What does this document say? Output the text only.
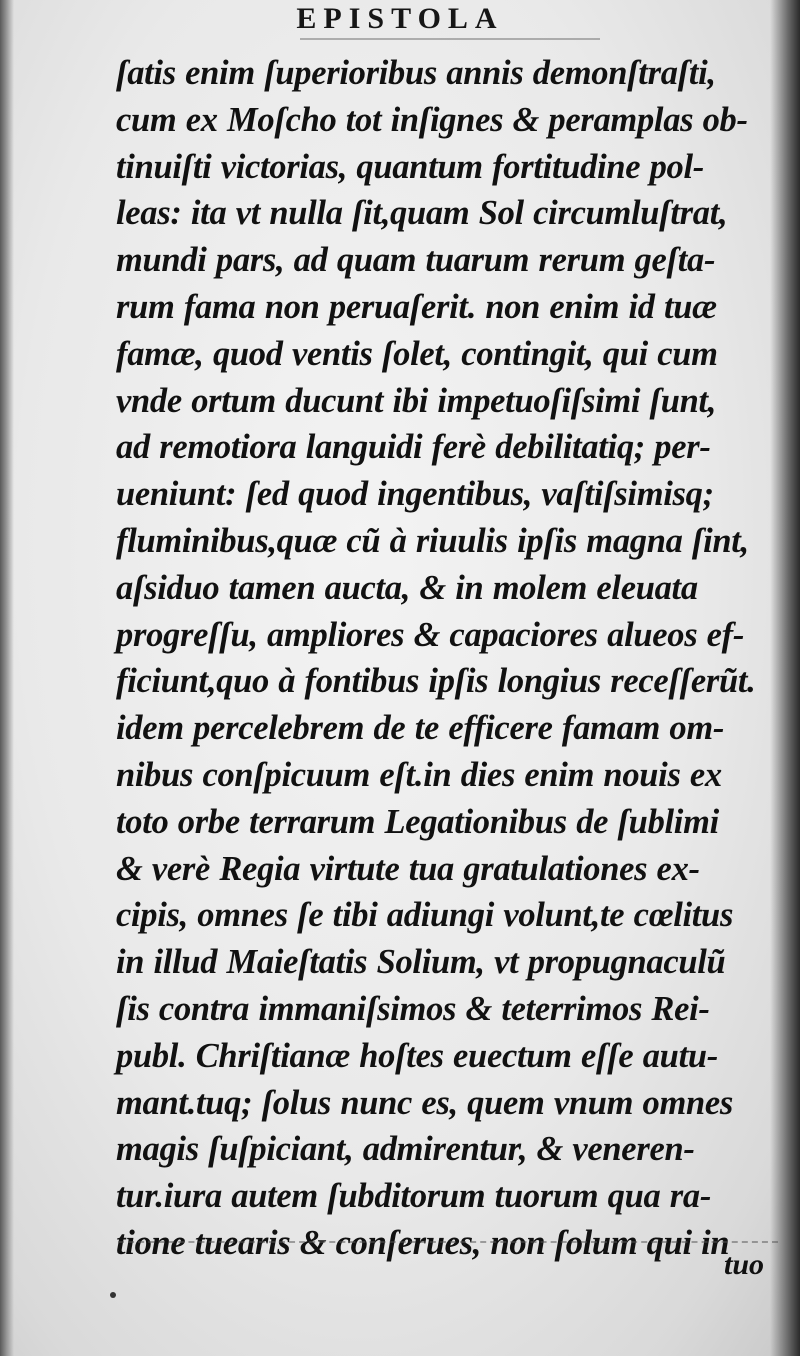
EPISTOLA
ſatis enim ſuperioribus annis demonſtraſti,
cum ex Moſcho tot inſignes & peramplas ob-
tinuiſti victorias, quantum fortitudine pol-
leas: ita vt nulla ſit,quam Sol circumluſtrat,
mundi pars, ad quam tuarum rerum geſta-
rum fama non peruaſerit. non enim id tuæ
famæ, quod ventis ſolet, contingit, qui cum
vnde ortum ducunt ibi impetuoſiſsimi ſunt,
ad remotiora languidi ferè debilitatiq; per-
ueniunt: ſed quod ingentibus, vaſtiſsimisq;
fluminibus,quæ cũ à riuulis ipſis magna ſint,
aſsiduo tamen aucta, & in molem eleuata
progreſſu, ampliores & capaciores alueos ef-
ficiunt,quo à fontibus ipſis longius receſſerũt.
idem percelebrem de te efficere famam om-
nibus conſpicuum eſt.in dies enim nouis ex
toto orbe terrarum Legationibus de ſublimi
& verè Regia virtute tua gratulationes ex-
cipis, omnes ſe tibi adiungi volunt,te cœlitus
in illud Maieſtatis Solium, vt propugnaculũ
ſis contra immaniſsimos & teterrimos Rei-
publ. Chriſtianæ hoſtes euectum eſſe autu-
mant.tuq; ſolus nunc es, quem vnum omnes
magis ſuſpiciant, admirentur, & veneren-
tur.iura autem ſubditorum tuorum qua ra-
tione tuearis & conſerues, non ſolum qui in
tuo
